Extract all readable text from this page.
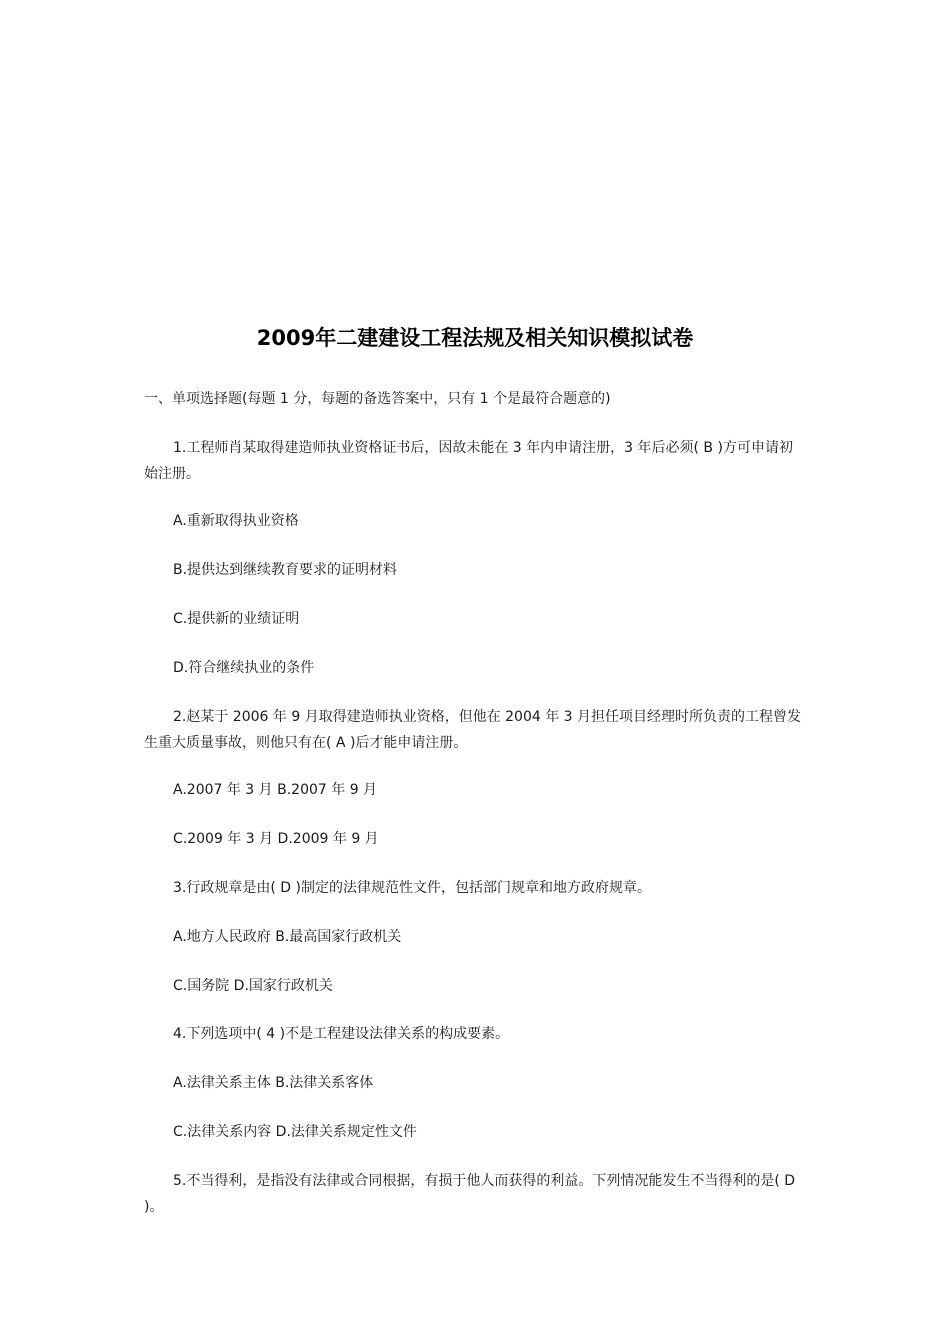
2009年二建建设工程法规及相关知识模拟试卷

一、单项选择题(每题 1 分，每题的备选答案中，只有 1 个是最符合题意的)

1.工程师肖某取得建造师执业资格证书后，因故未能在 3 年内申请注册，3 年后必须( B )方可申请初始注册。

A.重新取得执业资格

B.提供达到继续教育要求的证明材料

C.提供新的业绩证明

D.符合继续执业的条件

2.赵某于 2006 年 9 月取得建造师执业资格，但他在 2004 年 3 月担任项目经理时所负责的工程曾发生重大质量事故，则他只有在( A )后才能申请注册。

A.2007 年 3 月 B.2007 年 9 月

C.2009 年 3 月 D.2009 年 9 月

3.行政规章是由( D )制定的法律规范性文件，包括部门规章和地方政府规章。

A.地方人民政府 B.最高国家行政机关

C.国务院 D.国家行政机关

4.下列选项中( 4 )不是工程建设法律关系的构成要素。

A.法律关系主体 B.法律关系客体

C.法律关系内容 D.法律关系规定性文件

5.不当得利，是指没有法律或合同根据，有损于他人而获得的利益。下列情况能发生不当得利的是( D )。
